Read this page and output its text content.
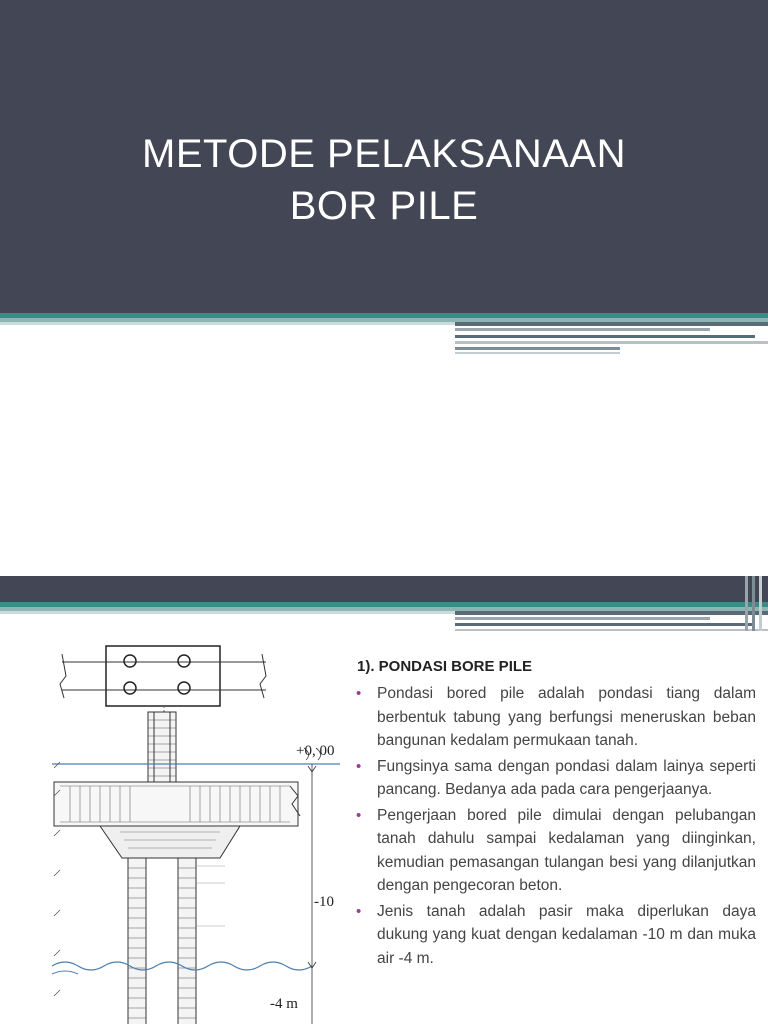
METODE PELAKSANAAN
BOR PILE
+0, 00
-10
-4 m
1). PONDASI BORE PILE
• Pondasi bored pile adalah pondasi tiang dalam berbentuk tabung yang berfungsi meneruskan beban bangunan kedalam permukaan tanah.
• Fungsinya sama dengan pondasi dalam lainya seperti pancang. Bedanya ada pada cara pengerjaanya.
• Pengerjaan bored pile dimulai dengan pelubangan tanah dahulu sampai kedalaman yang diinginkan, kemudian pemasangan tulangan besi yang dilanjutkan dengan pengecoran beton.
• Jenis tanah adalah pasir maka diperlukan daya dukung yang kuat dengan kedalaman -10 m dan muka air -4 m.
